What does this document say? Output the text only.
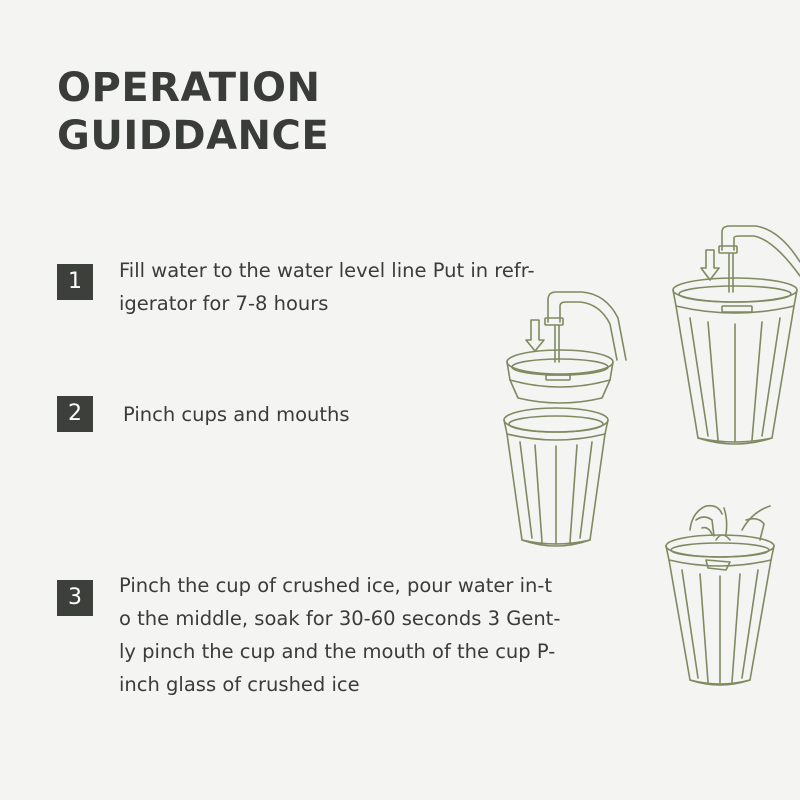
OPERATION
GUIDDANCE
1	Fill water to the water level line Put in refr-
igerator for 7-8 hours

2	Pinch cups and mouths

3	Pinch the cup of crushed ice, pour water in-t
o the middle, soak for 30-60 seconds 3 Gent-
ly pinch the cup and the mouth of the cup P-
inch glass of crushed ice
